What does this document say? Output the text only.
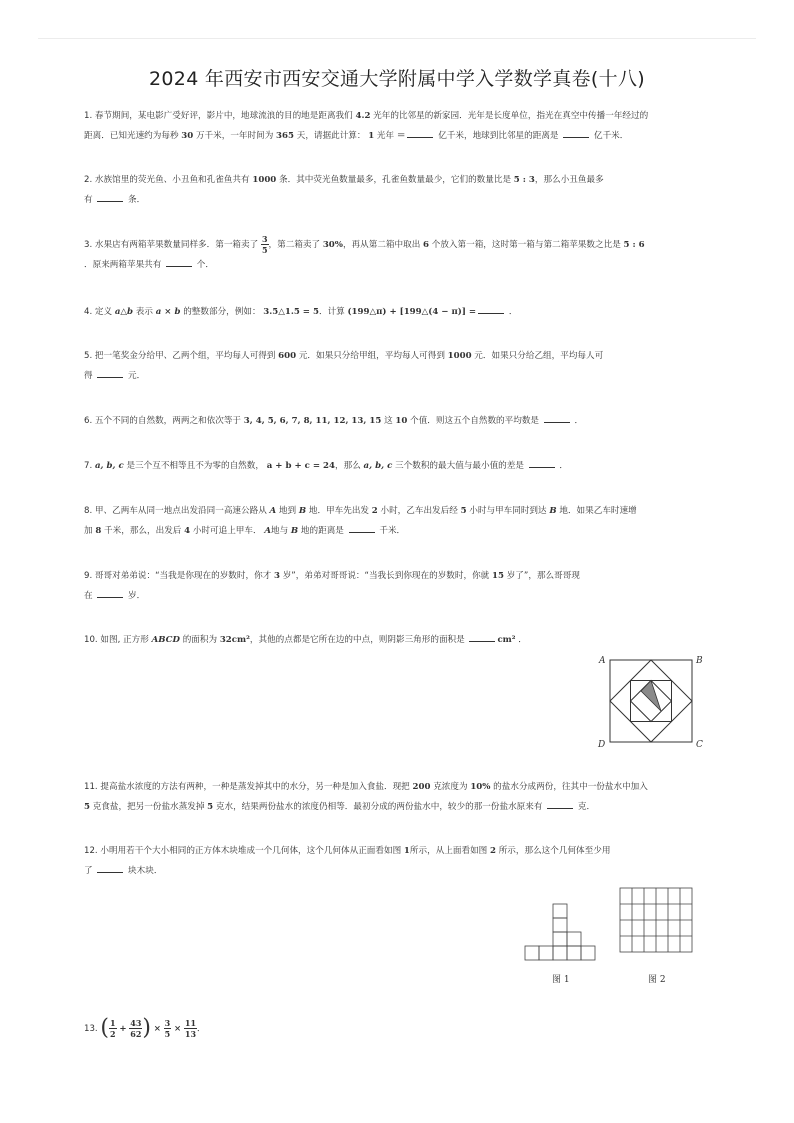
2024 年西安市西安交通大学附属中学入学数学真卷(十八)
1. 春节期间，某电影广受好评，影片中，地球流浪的目的地是距离我们 4.2 光年的比邻星的新家园．光年是长度单位，指光在真空中传播一年经过的
距离．已知光速约为每秒 30 万千米，一年时间为 365 天，请据此计算： 1 光年 ＝	亿千米，地球到比邻星的距离是	亿千米．
2. 水族馆里的荧光鱼、小丑鱼和孔雀鱼共有 1000 条．其中荧光鱼数量最多，孔雀鱼数量最少，它们的数量比是 5 : 3，那么小丑鱼最多
有	条．
3. 水果店有两箱苹果数量同样多．第一箱卖了 $\frac{3}{5}$ ，第二箱卖了 30%，再从第二箱中取出 6 个放入第一箱，这时第一箱与第二箱苹果数之比是 5 : 6
．原来两箱苹果共有	个．
4. 定义 a△b 表示 a × b 的整数部分，例如： 3.5△1.5 = 5．计算 (199△π) + [199△(4 − π)] =	．
5. 把一笔奖金分给甲、乙两个组，平均每人可得到 600 元．如果只分给甲组，平均每人可得到 1000 元．如果只分给乙组，平均每人可
得	元．
6. 五个不同的自然数，两两之和依次等于 3, 4, 5, 6, 7, 8, 11, 12, 13, 15 这 10 个值．则这五个自然数的平均数是	．
7. a, b, c 是三个互不相等且不为零的自然数， a + b + c = 24，那么 a, b, c 三个数积的最大值与最小值的差是	．
8. 甲、乙两车从同一地点出发沿同一高速公路从 A 地到 B 地．甲车先出发 2 小时，乙车出发后经 5 小时与甲车同时到达 B 地．如果乙车时速增
加 8 千米，那么，出发后 4 小时可追上甲车． A地与 B 地的距离是	千米．
9. 哥哥对弟弟说：“当我是你现在的岁数时，你才 3 岁”，弟弟对哥哥说：“当我长到你现在的岁数时，你就 15 岁了”，那么哥哥现
在	岁．
10. 如图, 正方形 ABCD 的面积为 32cm²，其他的点都是它所在边的中点，则阴影三角形的面积是	cm² ．
A	B
C
D
11. 提高盐水浓度的方法有两种，一种是蒸发掉其中的水分，另一种是加入食盐．现把 200 克浓度为 10% 的盐水分成两份，往其中一份盐水中加入
5 克食盐，把另一份盐水蒸发掉 5 克水，结果两份盐水的浓度仍相等．最初分成的两份盐水中，较少的那一份盐水原来有	克．
12. 小明用若干个大小相同的正方体木块堆成一个几何体，这个几何体从正面看如图 1所示，从上面看如图 2 所示，那么这个几何体至少用
了	块木块．
图 1	图 2
13. ( $\frac{1}{2} + \frac{43}{62}$ ) × $\frac{3}{5} \times \frac{11}{13}$ ．
